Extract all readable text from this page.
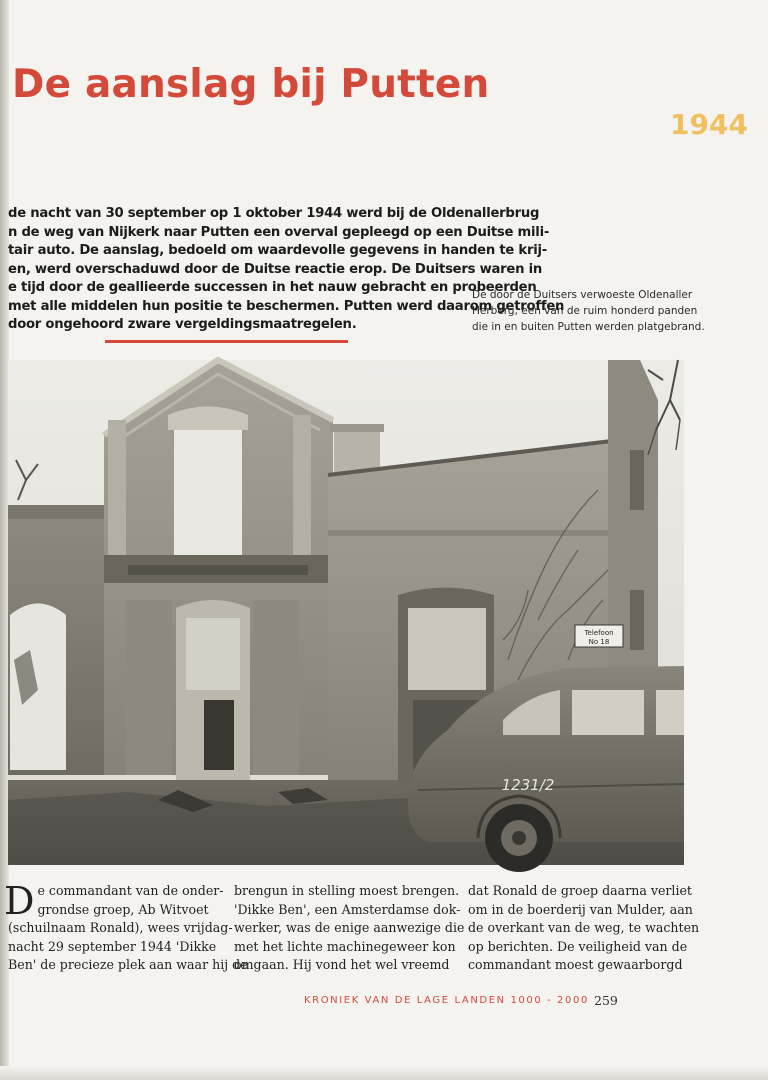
De aanslag bij Putten
1944

de nacht van 30 september op 1 oktober 1944 werd bij de Oldenallerbrug
n de weg van Nijkerk naar Putten een overval gepleegd op een Duitse mili-
tair auto. De aanslag, bedoeld om waardevolle gegevens in handen te krij-
en, werd overschaduwd door de Duitse reactie erop. De Duitsers waren in
e tijd door de geallieerde successen in het nauw gebracht en probeerden
met alle middelen hun positie te beschermen. Putten werd daarom getroffen
door ongehoord zware vergeldingsmaatregelen.

De door de Duitsers verwoeste Oldenaller
Herberg, een van de ruim honderd panden
die in en buiten Putten werden platgebrand.

Telefoon
No 18
1231/2

D e commandant van de onder-
grondse groep, Ab Witvoet
(schuilnaam Ronald), wees vrijdag-
nacht 29 september 1944 'Dikke
Ben' de precieze plek aan waar hij de

brengun in stelling moest brengen.
'Dikke Ben', een Amsterdamse dok-
werker, was de enige aanwezige die
met het lichte machinegeweer kon
omgaan. Hij vond het wel vreemd

dat Ronald de groep daarna verliet
om in de boerderij van Mulder, aan
de overkant van de weg, te wachten
op berichten. De veiligheid van de
commandant moest gewaarborgd

KRONIEK VAN DE LAGE LANDEN 1000 - 2000 259
